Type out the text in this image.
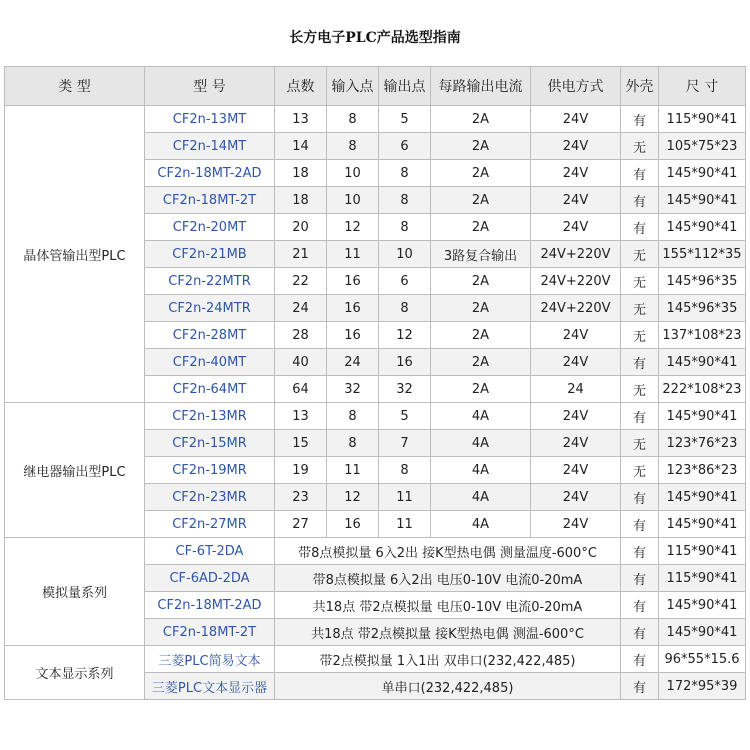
长方电子PLC产品选型指南
类 型	型 号	点数	输入点	输出点	每路输出电流	供电方式	外壳	尺 寸
晶体管输出型PLC	CF2n-13MT	13	8	5	2A	24V	有	115*90*41
	CF2n-14MT	14	8	6	2A	24V	无	105*75*23
	CF2n-18MT-2AD	18	10	8	2A	24V	有	145*90*41
	CF2n-18MT-2T	18	10	8	2A	24V	有	145*90*41
	CF2n-20MT	20	12	8	2A	24V	有	145*90*41
	CF2n-21MB	21	11	10	3路复合输出	24V+220V	无	155*112*35
	CF2n-22MTR	22	16	6	2A	24V+220V	无	145*96*35
	CF2n-24MTR	24	16	8	2A	24V+220V	无	145*96*35
	CF2n-28MT	28	16	12	2A	24V	无	137*108*23
	CF2n-40MT	40	24	16	2A	24V	有	145*90*41
	CF2n-64MT	64	32	32	2A	24	无	222*108*23
继电器输出型PLC	CF2n-13MR	13	8	5	4A	24V	有	145*90*41
	CF2n-15MR	15	8	7	4A	24V	无	123*76*23
	CF2n-19MR	19	11	8	4A	24V	无	123*86*23
	CF2n-23MR	23	12	11	4A	24V	有	145*90*41
	CF2n-27MR	27	16	11	4A	24V	有	145*90*41
模拟量系列	CF-6T-2DA	带8点模拟量 6入2出 接K型热电偶 测量温度-600°C					有	115*90*41
	CF-6AD-2DA	带8点模拟量 6入2出 电压0-10V 电流0-20mA					有	115*90*41
	CF2n-18MT-2AD	共18点 带2点模拟量 电压0-10V 电流0-20mA					有	145*90*41
	CF2n-18MT-2T	共18点 带2点模拟量 接K型热电偶 测温-600°C					有	145*90*41
文本显示系列	三菱PLC简易文本	带2点模拟量 1入1出 双串口(232,422,485)					有	96*55*15.6
	三菱PLC文本显示器	单串口(232,422,485)					有	172*95*39
